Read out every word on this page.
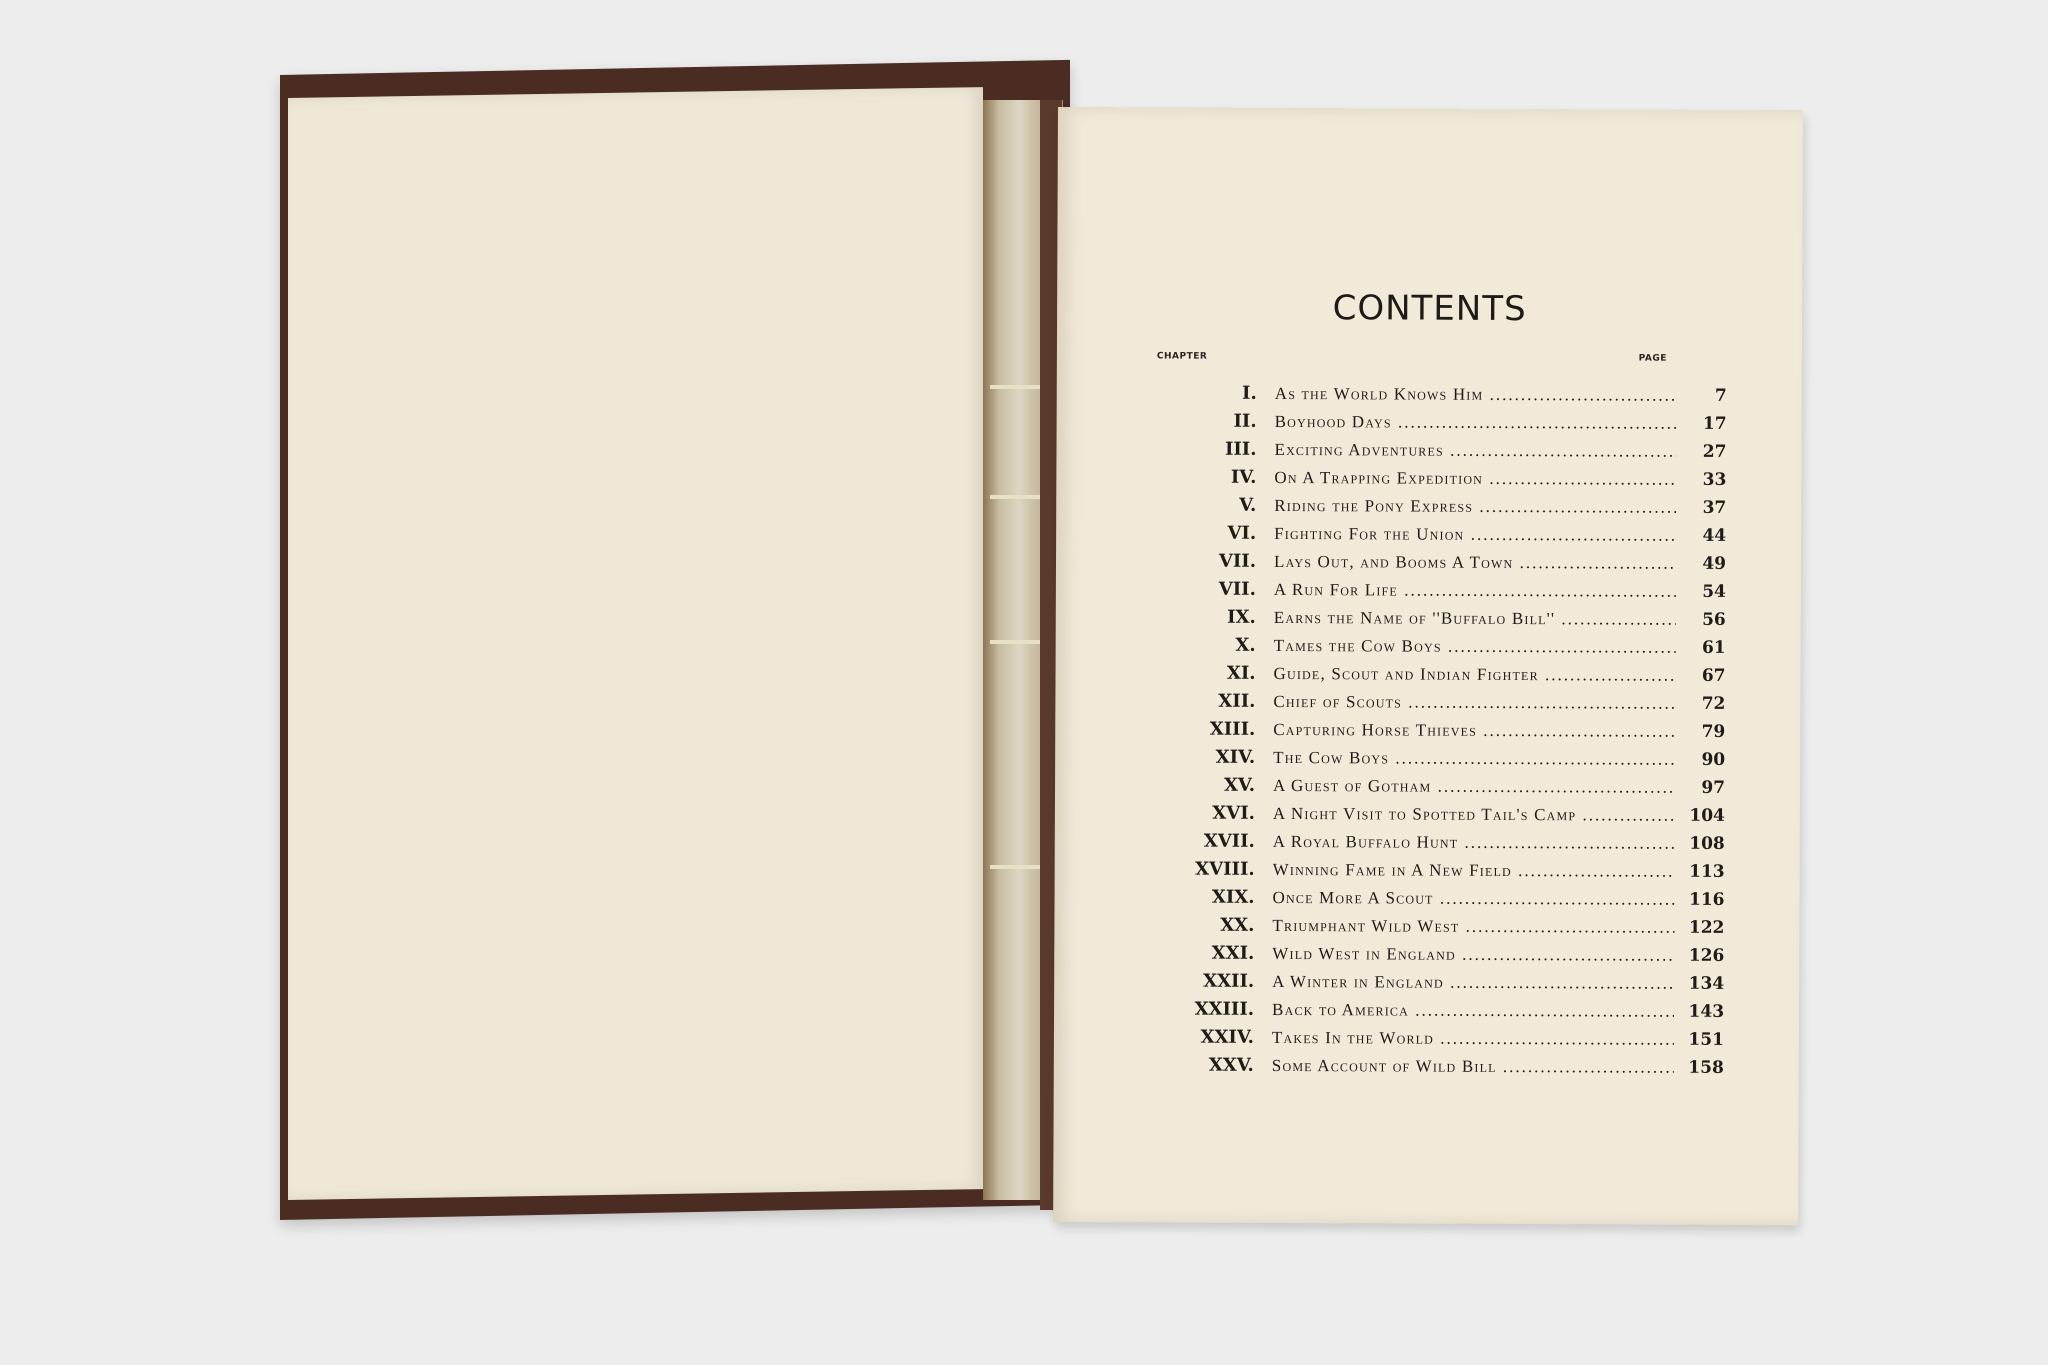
CONTENTS
CHAPTER	PAGE
I.	As the World Knows Him .....	7
II.	Boyhood Days .....	17
III.	Exciting Adventures .....	27
IV.	On A Trapping Expedition .....	33
V.	Riding the Pony Express .....	37
VI.	Fighting For the Union .....	44
VII.	Lays Out, and Booms A Town .....	49
VII.	A Run For Life .....	54
IX.	Earns the Name of ''Buffalo Bill'' .....	56
X.	Tames the Cow Boys .....	61
XI.	Guide, Scout and Indian Fighter .....	67
XII.	Chief of Scouts .....	72
XIII.	Capturing Horse Thieves .....	79
XIV.	The Cow Boys .....	90
XV.	A Guest of Gotham .....	97
XVI.	A Night Visit to Spotted Tail's Camp .....	104
XVII.	A Royal Buffalo Hunt .....	108
XVIII.	Winning Fame in A New Field .....	113
XIX.	Once More A Scout .....	116
XX.	Triumphant Wild West .....	122
XXI.	Wild West in England .....	126
XXII.	A Winter in England .....	134
XXIII.	Back to America .....	143
XXIV.	Takes In the World .....	151
XXV.	Some Account of Wild Bill .....	158
